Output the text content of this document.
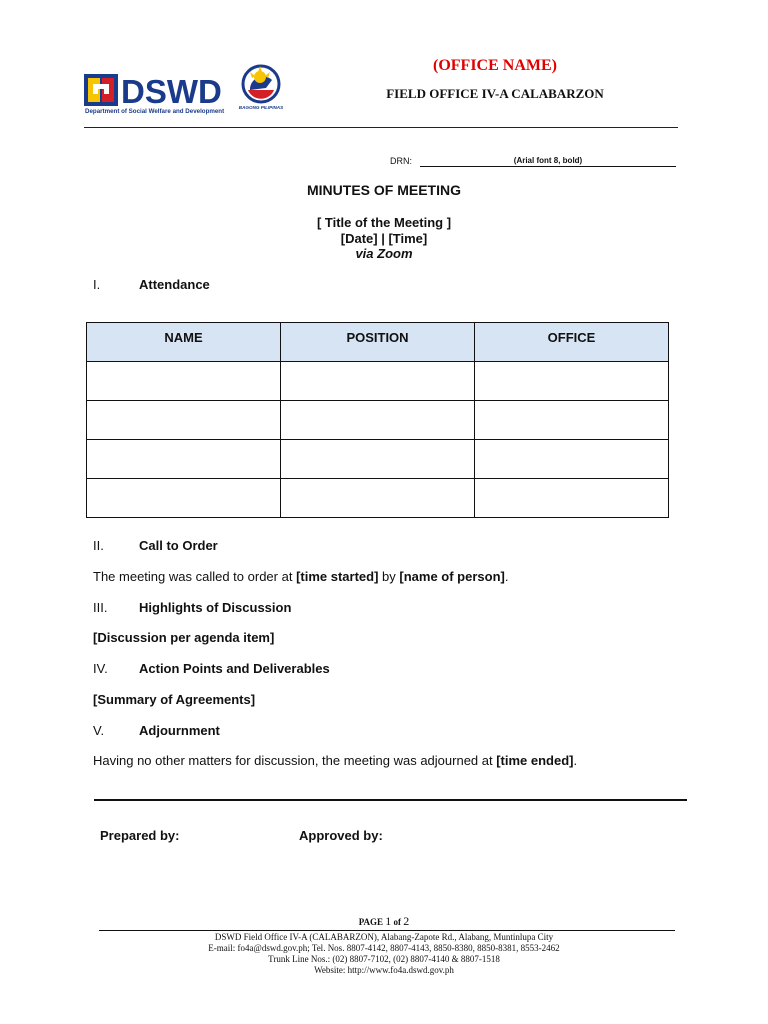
DSWD
Department of Social Welfare and Development
BAGONG PILIPINAS
(OFFICE NAME)
FIELD OFFICE IV-A CALABARZON
DRN:	(Arial font 8, bold)
MINUTES OF MEETING
[ Title of the Meeting ]
[Date] | [Time]
via Zoom
I.	Attendance
NAME	POSITION	OFFICE

II.	Call to Order
The meeting was called to order at [time started] by [name of person].
III. Highlights of Discussion
[Discussion per agenda item]
IV. Action Points and Deliverables
[Summary of Agreements]
V.	Adjournment
Having no other matters for discussion, the meeting was adjourned at [time ended].
Prepared by:	Approved by:
PAGE 1 of 2
DSWD Field Office IV-A (CALABARZON), Alabang-Zapote Rd., Alabang, Muntinlupa City
E-mail: fo4a@dswd.gov.ph; Tel. Nos. 8807-4142, 8807-4143, 8850-8380, 8850-8381, 8553-2462
Trunk Line Nos.: (02) 8807-7102, (02) 8807-4140 & 8807-1518
Website: http://www.fo4a.dswd.gov.ph
